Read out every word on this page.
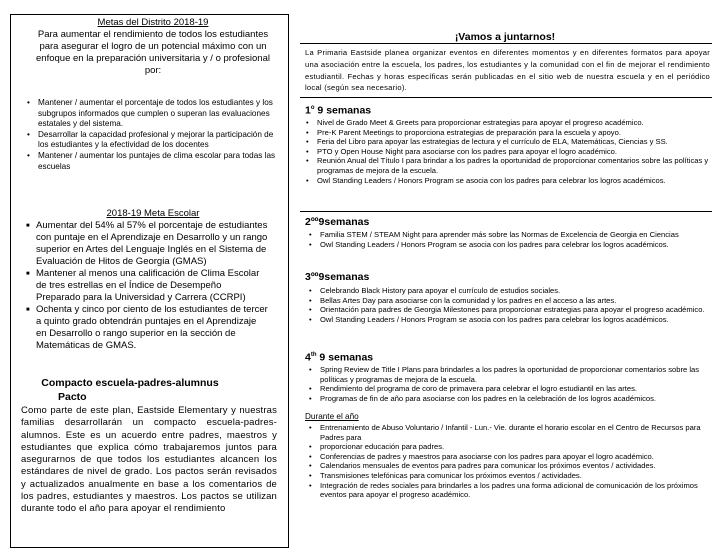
Metas del Distrito 2018-19
Para aumentar el rendimiento de todos los estudiantes para asegurar el logro de un potencial máximo con un enfoque en la preparación universitaria y / o profesional por:
• Mantener / aumentar el porcentaje de todos los estudiantes y los subgrupos informados que cumplen o superan las evaluaciones estatales y del sistema.
• Desarrollar la capacidad profesional y mejorar la participación de los estudiantes y la efectividad de los docentes
• Mantener / aumentar los puntajes de clima escolar para todas las escuelas
2018-19 Meta Escolar
■ Aumentar del 54% al 57% el porcentaje de estudiantes con puntaje en el Aprendizaje en Desarrollo y un rango superior en Artes del Lenguaje Inglés en el Sistema de Evaluación de Hitos de Georgia (GMAS)
■ Mantener al menos una calificación de Clima Escolar de tres estrellas en el Índice de Desempeño Preparado para la Universidad y Carrera (CCRPI)
■ Ochenta y cinco por ciento de los estudiantes de tercer a quinto grado obtendrán puntajes en el Aprendizaje en Desarrollo o rango superior en la sección de Matemáticas de GMAS.
Compacto escuela-padres-alumnus
Pacto
Como parte de este plan, Eastside Elementary y nuestras familias desarrollarán un compacto escuela-padres- alumnos. Este es un acuerdo entre padres, maestros y estudiantes que explica cómo trabajaremos juntos para asegurarnos de que todos los estudiantes alcancen los estándares de nivel de grado. Los pactos serán revisados y actualizados anualmente en base a los comentarios de los padres, estudiantes y maestros. Los pactos se utilizan durante todo el año para apoyar el rendimiento
¡Vamos a juntarnos!
La Primaria Eastside planea organizar eventos en diferentes momentos y en diferentes formatos para apoyar una asociación entre la escuela, los padres, los estudiantes y la comunidad con el fin de mejorar el rendimiento estudiantil. Fechas y horas específicas serán publicadas en el sitio web de nuestra escuela y en el periódico local (según sea necesario).
1$^o$ 9 semanas
• Nivel de Grado Meet & Greets para proporcionar estrategias para apoyar el progreso académico.
• Pre-K Parent Meetings to proporciona estrategias de preparación para la escuela y apoyo.
• Feria del Libro para apoyar las estrategias de lectura y el currículo de ELA, Matemáticas, Ciencias y SS.
• PTO y Open House Night para asociarse con los padres para apoyar el logro académico.
• Reunión Anual del Título I para brindar a los padres la oportunidad de proporcionar comentarios sobre las políticas y programas de mejora de la escuela.
• Owl Standing Leaders / Honors Program se asocia con los padres para celebrar los logros académicos.
2ºº9semanas
• Familia STEM / STEAM Night para aprender más sobre las Normas de Excelencia de Georgia en Ciencias
• Owl Standing Leaders / Honors Program se asocia con los padres para celebrar los logros académicos.
3ºº9semanas
• Celebrando Black History para apoyar el currículo de estudios sociales.
• Bellas Artes Day para asociarse con la comunidad y los padres en el acceso a las artes.
• Orientación para padres de Georgia Milestones para proporcionar estrategias para apoyar el progreso académico.
• Owl Standing Leaders / Honors Program se asocia con los padres para celebrar los logros académicos.
4th 9 semanas
• Spring Review de Title I Plans para brindarles a los padres la oportunidad de proporcionar comentarios sobre las políticas y programas de mejora de la escuela.
• Rendimiento del programa de coro de primavera para celebrar el logro estudiantil en las artes.
• Programas de fin de año para asociarse con los padres en la celebración de los logros académicos.
Durante el año
• Entrenamiento de Abuso Voluntario / Infantil - Lun.- Vie. durante el horario escolar en el Centro de Recursos para Padres para
• proporcionar educación para padres.
• Conferencias de padres y maestros para asociarse con los padres para apoyar el logro académico.
• Calendarios mensuales de eventos para padres para comunicar los próximos eventos / actividades.
• Transmisiones telefónicas para comunicar los próximos eventos / actividades.
• Integración de redes sociales para brindarles a los padres una forma adicional de comunicación de los próximos eventos para apoyar el progreso académico.
